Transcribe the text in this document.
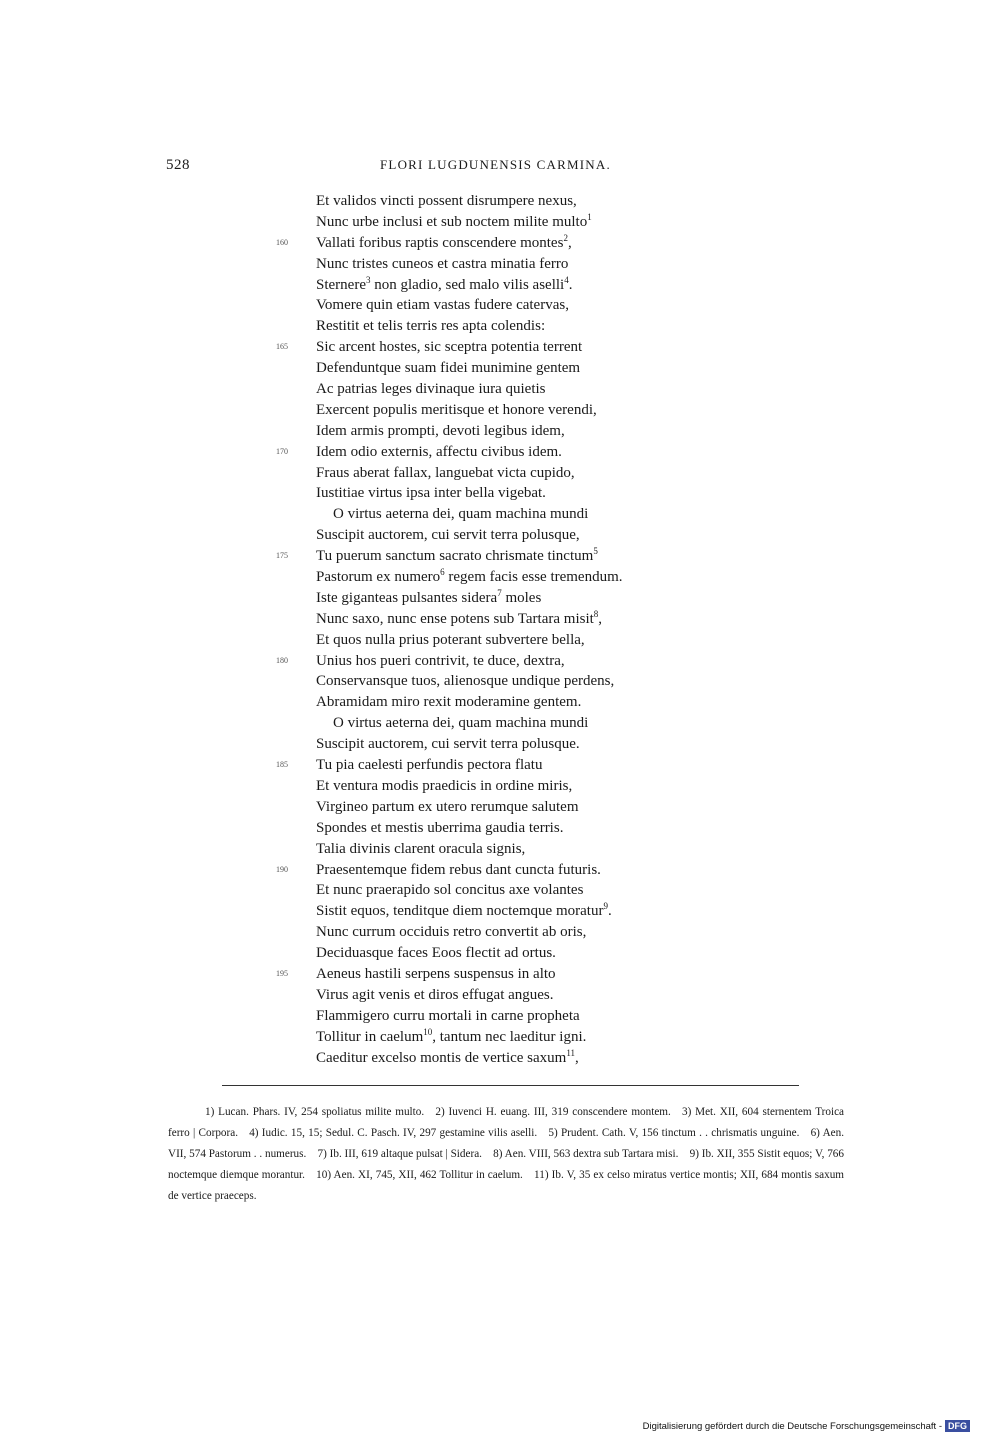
528	FLORI LUGDUNENSIS CARMINA.
Et validos vincti possent disrumpere nexus,
Nunc urbe inclusi et sub noctem milite multo$^1$
160 Vallati foribus raptis conscendere montes$^2$,
Nunc tristes cuneos et castra minatia ferro
Sternere$^3$ non gladio, sed malo vilis aselli$^4$.
Vomere quin etiam vastas fudere catervas,
Restitit et telis terris res apta colendis:
165 Sic arcent hostes, sic sceptra potentia terrent
Defenduntque suam fidei munimine gentem
Ac patrias leges divinaque iura quietis
Exercent populis meritisque et honore verendi,
Idem armis prompti, devoti legibus idem,
170 Idem odio externis, affectu civibus idem.
Fraus aberat fallax, languebat victa cupido,
Iustitiae virtus ipsa inter bella vigebat.
O virtus aeterna dei, quam machina mundi
Suscipit auctorem, cui servit terra polusque,
175 Tu puerum sanctum sacrato chrismate tinctum$^5$
Pastorum ex numero$^6$ regem facis esse tremendum.
Iste giganteas pulsantes sidera$^7$ moles
Nunc saxo, nunc ense potens sub Tartara misit$^8$,
Et quos nulla prius poterant subvertere bella,
180 Unius hos pueri contrivit, te duce, dextra,
Conservansque tuos, alienosque undique perdens,
Abramidam miro rexit moderamine gentem.
O virtus aeterna dei, quam machina mundi
Suscipit auctorem, cui servit terra polusque.
185 Tu pia caelesti perfundis pectora flatu
Et ventura modis praedicis in ordine miris,
Virgineo partum ex utero rerumque salutem
Spondes et mestis uberrima gaudia terris.
Talia divinis clarent oracula signis,
190 Praesentemque fidem rebus dant cuncta futuris.
Et nunc praerapido sol concitus axe volantes
Sistit equos, tenditque diem noctemque moratur$^9$.
Nunc currum occiduis retro convertit ab oris,
Deciduasque faces Eoos flectit ad ortus.
195 Aeneus hastili serpens suspensus in alto
Virus agit venis et diros effugat angues.
Flammigero curru mortali in carne propheta
Tollitur in caelum$^{10}$, tantum nec laeditur igni.
Caeditur excelso montis de vertice saxum$^{11}$,
1) Lucan. Phars. IV, 254 spoliatus milite multo.  2) Iuvenci H. euang. III, 319 conscendere montem.  3) Met. XII, 604 sternentem Troica ferro | Corpora.  4) Iudic. 15, 15; Sedul. C. Pasch. IV, 297 gestamine vilis aselli.  5) Prudent. Cath. V, 156 tinctum . . chrismatis unguine.  6) Aen. VII, 574 Pastorum . . numerus.  7) Ib. III, 619 altaque pulsat | Sidera.  8) Aen. VIII, 563 dextra sub Tartara misi.  9) Ib. XII, 355 Sistit equos; V, 766 noctemque diemque morantur.  10) Aen. XI, 745, XII, 462 Tollitur in caelum.  11) Ib. V, 35 ex celso miratus vertice montis; XII, 684 montis saxum de vertice praeceps.
Digitalisierung gefördert durch die Deutsche Forschungsgemeinschaft - DFG
